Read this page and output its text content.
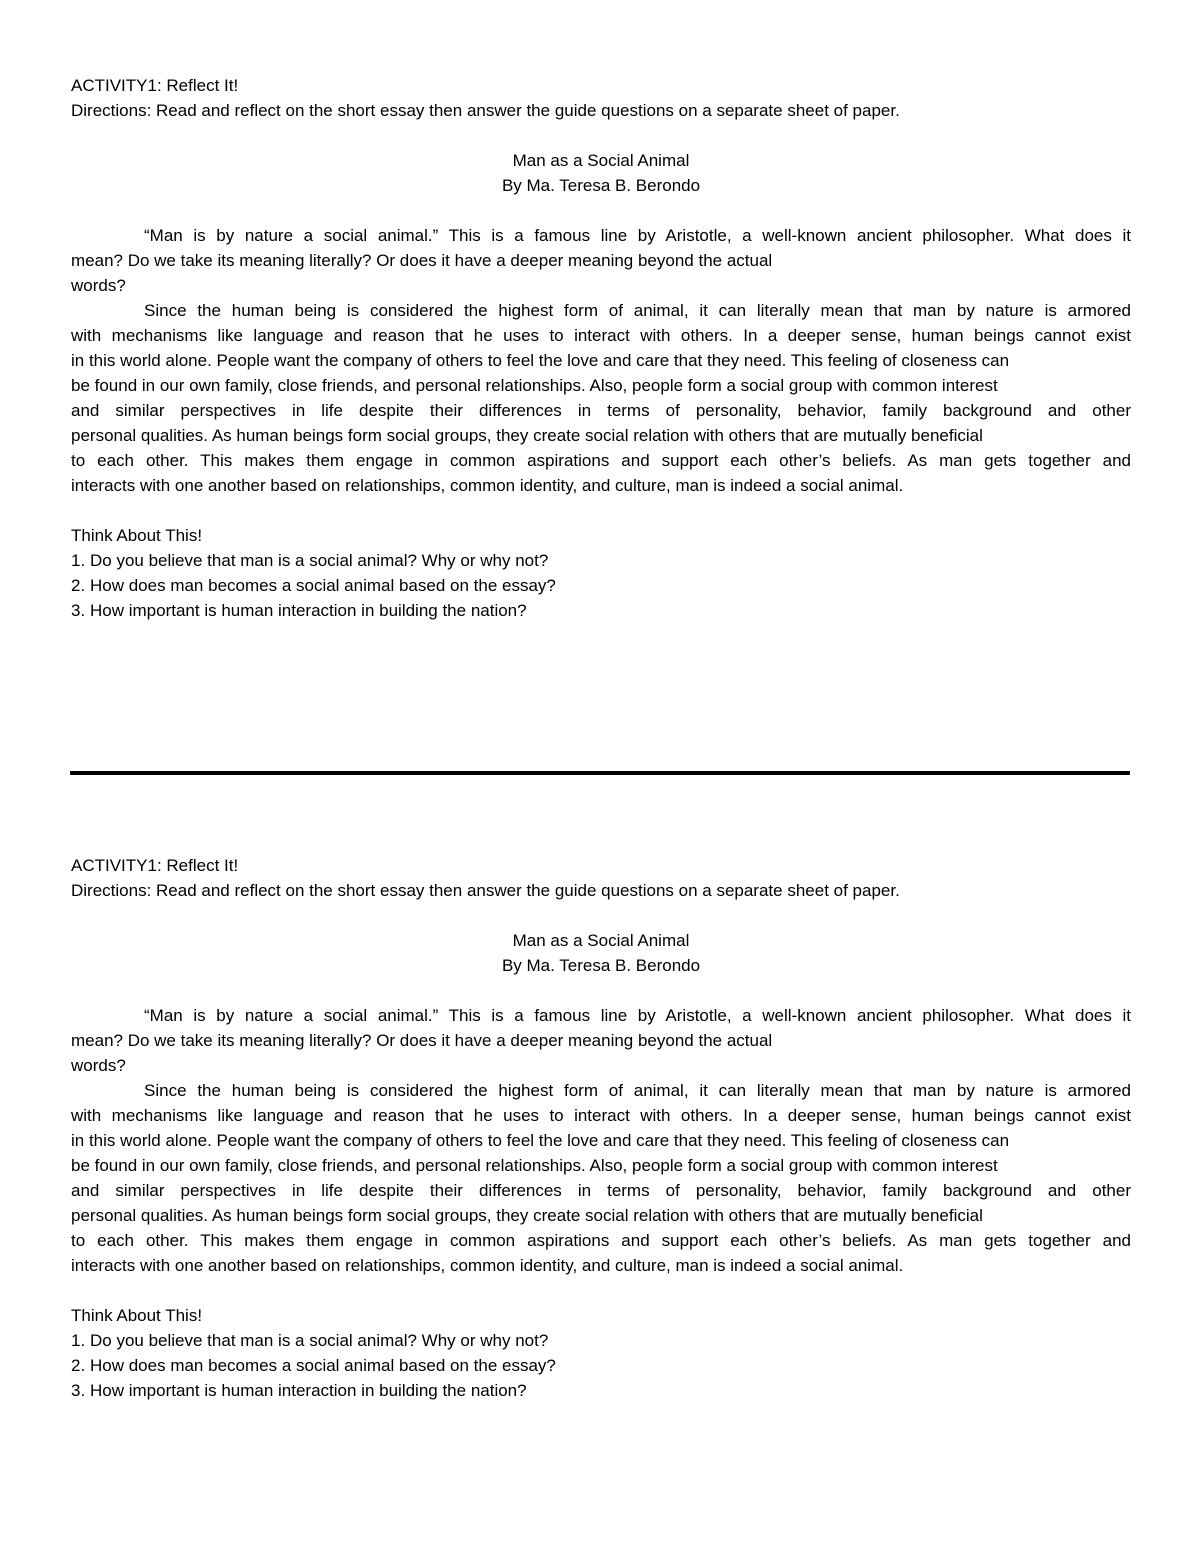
ACTIVITY1: Reflect It!
Directions: Read and reflect on the short essay then answer the guide questions on a separate sheet of paper.
Man as a Social Animal
By Ma. Teresa B. Berondo
“Man is by nature a social animal.” This is a famous line by Aristotle, a well-known ancient philosopher. What does it
mean? Do we take its meaning literally? Or does it have a deeper meaning beyond the actual
words?
Since the human being is considered the highest form of animal, it can literally mean that man by nature is armored
with mechanisms like language and reason that he uses to interact with others. In a deeper sense, human beings cannot exist
in this world alone. People want the company of others to feel the love and care that they need. This feeling of closeness can
be found in our own family, close friends, and personal relationships. Also, people form a social group with common interest
and similar perspectives in life despite their differences in terms of personality, behavior, family background and other
personal qualities. As human beings form social groups, they create social relation with others that are mutually beneficial
to each other. This makes them engage in common aspirations and support each other’s beliefs. As man gets together and
interacts with one another based on relationships, common identity, and culture, man is indeed a social animal.
Think About This!
1. Do you believe that man is a social animal? Why or why not?
2. How does man becomes a social animal based on the essay?
3. How important is human interaction in building the nation?
ACTIVITY1: Reflect It!
Directions: Read and reflect on the short essay then answer the guide questions on a separate sheet of paper.
Man as a Social Animal
By Ma. Teresa B. Berondo
“Man is by nature a social animal.” This is a famous line by Aristotle, a well-known ancient philosopher. What does it
mean? Do we take its meaning literally? Or does it have a deeper meaning beyond the actual
words?
Since the human being is considered the highest form of animal, it can literally mean that man by nature is armored
with mechanisms like language and reason that he uses to interact with others. In a deeper sense, human beings cannot exist
in this world alone. People want the company of others to feel the love and care that they need. This feeling of closeness can
be found in our own family, close friends, and personal relationships. Also, people form a social group with common interest
and similar perspectives in life despite their differences in terms of personality, behavior, family background and other
personal qualities. As human beings form social groups, they create social relation with others that are mutually beneficial
to each other. This makes them engage in common aspirations and support each other’s beliefs. As man gets together and
interacts with one another based on relationships, common identity, and culture, man is indeed a social animal.
Think About This!
1. Do you believe that man is a social animal? Why or why not?
2. How does man becomes a social animal based on the essay?
3. How important is human interaction in building the nation?
